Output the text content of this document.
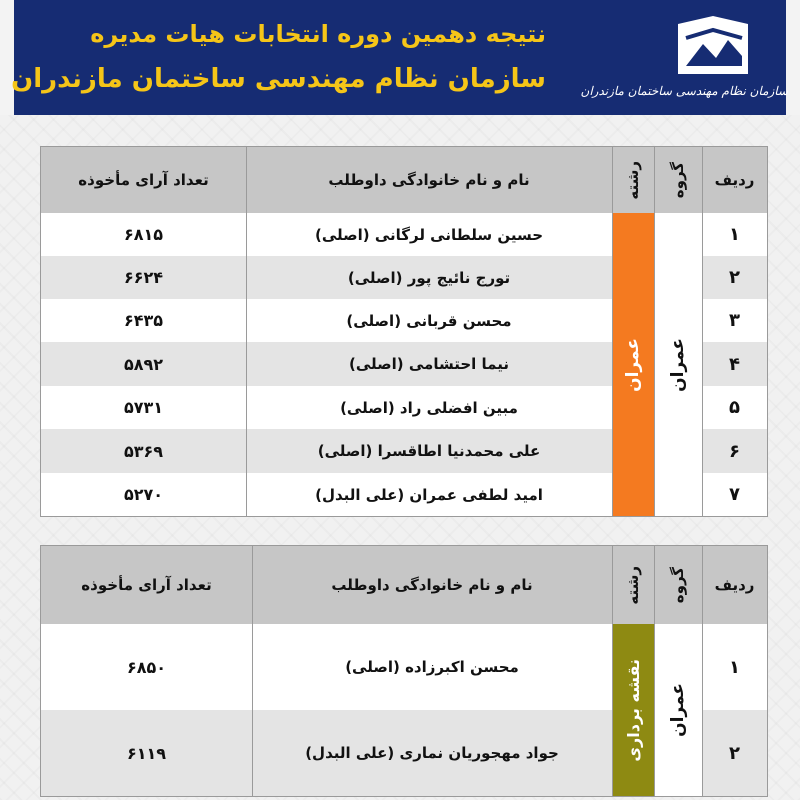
نتیجه دهمین دوره انتخابات هیات مدیره
سازمان نظام مهندسی ساختمان مازندران	سازمان نظام مهندسی ساختمان مازندران
ردیف
گروه
رشته
نام و نام خانوادگی داوطلب
تعداد آرای مأخوذه
عمران
عمران
۱
حسین سلطانی لرگانی (اصلی)
۶۸۱۵
۲
تورج نائیج پور (اصلی)
۶۶۲۴
۳
محسن قربانی (اصلی)
۶۴۳۵
۴
نیما احتشامی (اصلی)
۵۸۹۲
۵
مبین افضلی راد (اصلی)
۵۷۳۱
۶
علی محمدنیا اطاقسرا (اصلی)
۵۳۶۹
۷
امید لطفی عمران (علی البدل)
۵۲۷۰
ردیف
گروه
رشته
نام و نام خانوادگی داوطلب
تعداد آرای مأخوذه
عمران
نقشه برداری	۱
محسن اکبرزاده (اصلی)
۶۸۵۰
۲
جواد مهجوریان نماری (علی البدل)
۶۱۱۹
